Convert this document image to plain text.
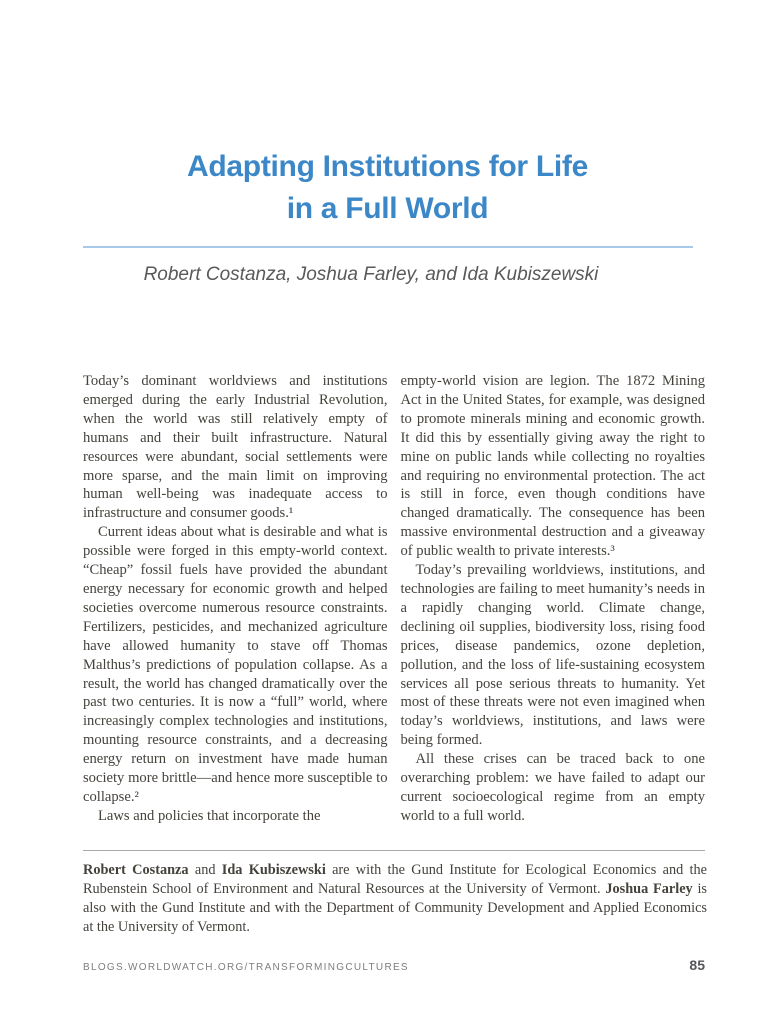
Adapting Institutions for Life
in a Full World

Robert Costanza, Joshua Farley, and Ida Kubiszewski

Today’s dominant worldviews and institutions emerged during the early Industrial Revolution, when the world was still relatively empty of humans and their built infrastructure. Natural resources were abundant, social settlements were more sparse, and the main limit on improving human well-being was inadequate access to infrastructure and consumer goods.¹

Current ideas about what is desirable and what is possible were forged in this empty-world context. “Cheap” fossil fuels have provided the abundant energy necessary for economic growth and helped societies overcome numerous resource constraints. Fertilizers, pesticides, and mechanized agriculture have allowed humanity to stave off Thomas Malthus’s predictions of population collapse. As a result, the world has changed dramatically over the past two centuries. It is now a “full” world, where increasingly complex technologies and institutions, mounting resource constraints, and a decreasing energy return on investment have made human society more brittle—and hence more susceptible to collapse.²

Laws and policies that incorporate the

empty-world vision are legion. The 1872 Mining Act in the United States, for example, was designed to promote minerals mining and economic growth. It did this by essentially giving away the right to mine on public lands while collecting no royalties and requiring no environmental protection. The act is still in force, even though conditions have changed dramatically. The consequence has been massive environmental destruction and a giveaway of public wealth to private interests.³

Today’s prevailing worldviews, institutions, and technologies are failing to meet humanity’s needs in a rapidly changing world. Climate change, declining oil supplies, biodiversity loss, rising food prices, disease pandemics, ozone depletion, pollution, and the loss of life-sustaining ecosystem services all pose serious threats to humanity. Yet most of these threats were not even imagined when today’s worldviews, institutions, and laws were being formed.

All these crises can be traced back to one overarching problem: we have failed to adapt our current socioecological regime from an empty world to a full world.

Robert Costanza and Ida Kubiszewski are with the Gund Institute for Ecological Economics and the Rubenstein School of Environment and Natural Resources at the University of Vermont. Joshua Farley is also with the Gund Institute and with the Department of Community Development and Applied Economics at the University of Vermont.

BLOGS.WORLDWATCH.ORG/TRANSFORMINGCULTURES	85
